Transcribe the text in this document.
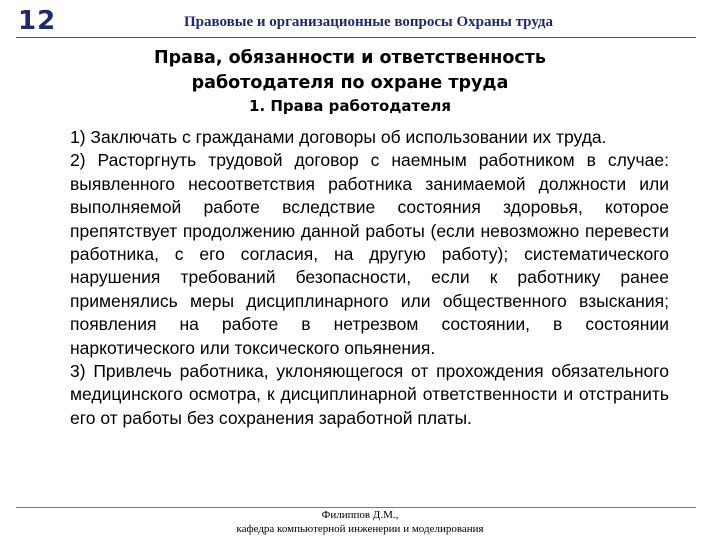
12	Правовые и организационные вопросы Охраны труда
Права, обязанности и ответственность
работодателя по охране труда
1. Права работодателя

1) Заключать с гражданами договоры об использовании их труда.

2) Расторгнуть трудовой договор с наемным работником в случае: выявленного несоответствия работника занимаемой должности или выполняемой работе вследствие состояния здоровья, которое препятствует продолжению данной работы (если невозможно перевести работника, с его согласия, на другую работу); систематического нарушения требований безопасности, если к работнику ранее применялись меры дисциплинарного или общественного взыскания; появления на работе в нетрезвом состоянии, в состоянии наркотического или токсического опьянения.

3) Привлечь работника, уклоняющегося от прохождения обязательного медицинского осмотра, к дисциплинарной ответственности и отстранить его от работы без сохранения заработной платы.

Филиппов Д.М.,
кафедра компьютерной инженерии и моделирования
